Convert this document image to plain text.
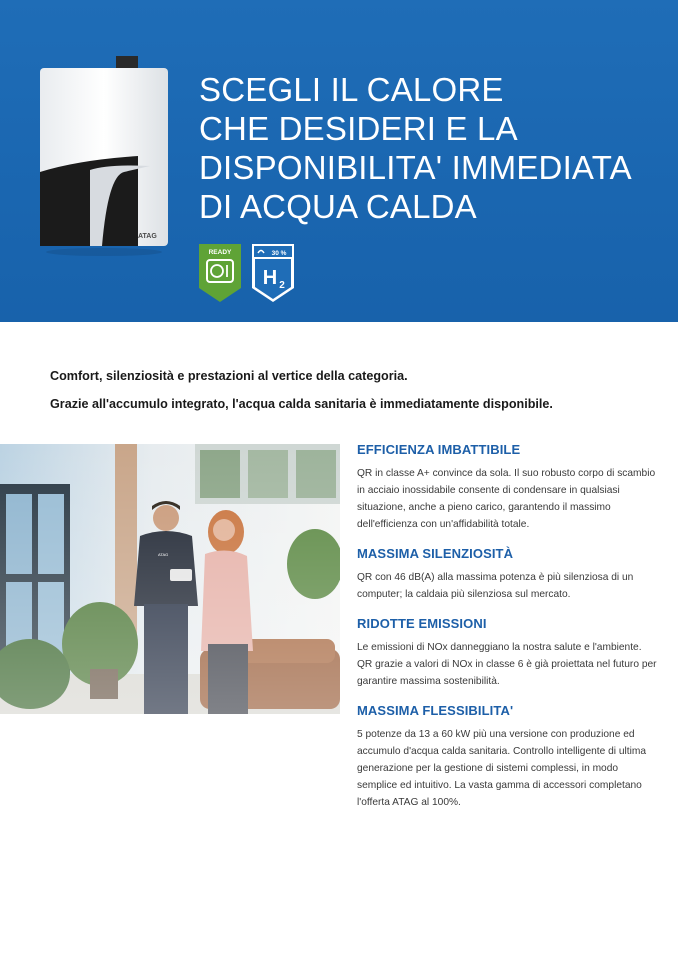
ATAG
SCEGLI IL CALORE
CHE DESIDERI E LA
DISPONIBILITA' IMMEDIATA
DI ACQUA CALDA
READY	30 %
H 2

Comfort, silenziosità e prestazioni al vertice della categoria.

Grazie all'accumulo integrato, l'acqua calda sanitaria è immediatamente disponibile.

EFFICIENZA IMBATTIBILE

QR in classe A+ convince da sola. Il suo robusto corpo di scambio in acciaio inossidabile consente di condensare in qualsiasi situazione, anche a pieno carico, garantendo il massimo dell'efficienza con un'affidabilità totale.

MASSIMA SILENZIOSITÀ

QR con 46 dB(A) alla massima potenza è più silenziosa di un computer; la caldaia più silenziosa sul mercato.

RIDOTTE EMISSIONI

Le emissioni di NOx danneggiano la nostra salute e l'ambiente. QR grazie a valori di NOx in classe 6 è già proiettata nel futuro per garantire massima sostenibilità.

MASSIMA FLESSIBILITA'

5 potenze da 13 a 60 kW più una versione con produzione ed accumulo d'acqua calda sanitaria. Controllo intelligente di ultima generazione per la gestione di sistemi complessi, in modo semplice ed intuitivo. La vasta gamma di accessori completano l'offerta ATAG al 100%.
